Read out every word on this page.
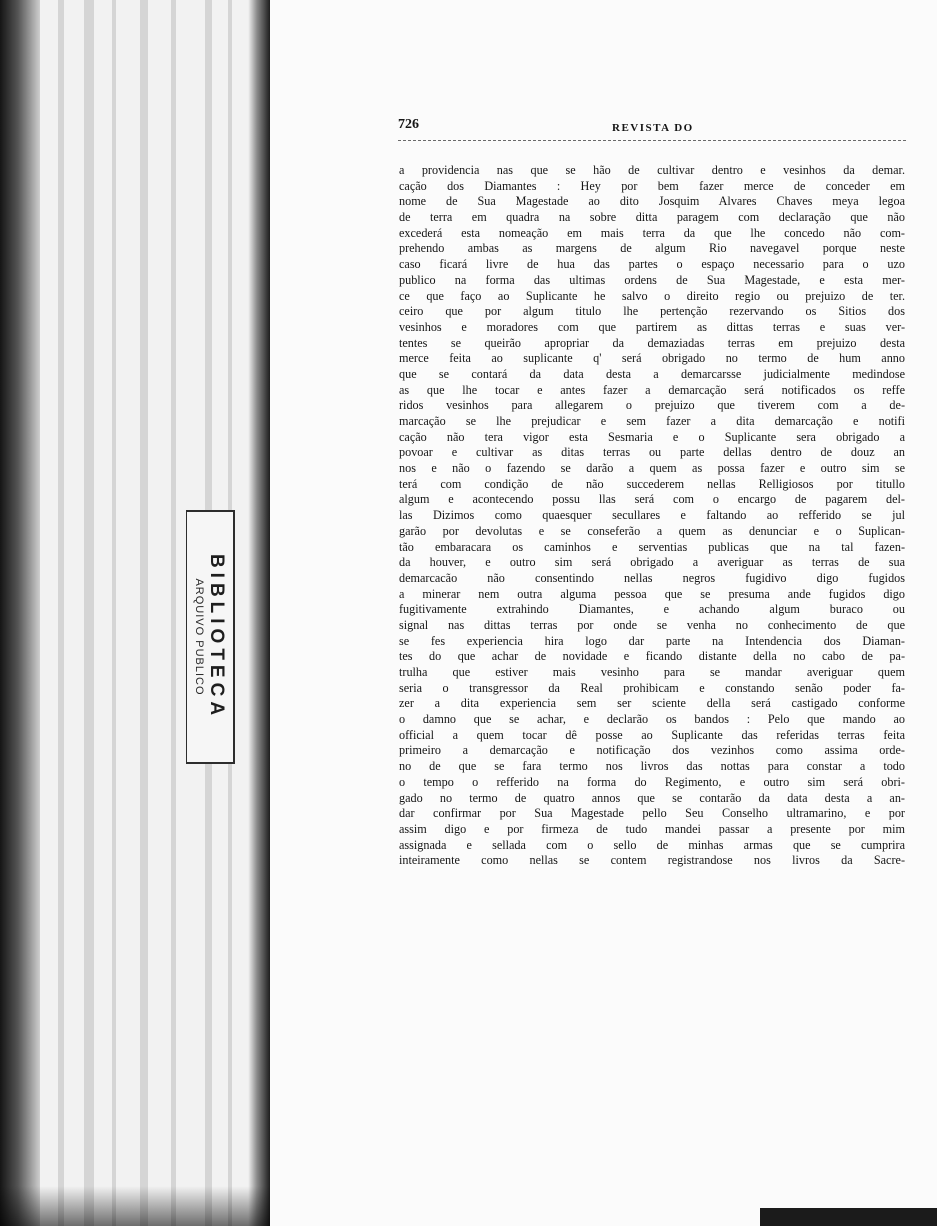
BIBLIOTECA
ARQUIVO PUBLICO
726	REVISTA DO
a providencia nas que se hão de cultivar dentro e vesinhos da demar.
cação dos Diamantes : Hey por bem fazer merce de conceder em
nome de Sua Magestade ao dito Josquim Alvares Chaves meya legoa
de terra em quadra na sobre ditta paragem com declaração que não
excederá esta nomeação em mais terra da que lhe concedo não com-
prehendo ambas as margens de algum Rio navegavel porque neste
caso ficará livre de hua das partes o espaço necessario para o uzo
publico na forma das ultimas ordens de Sua Magestade, e esta mer-
ce que faço ao Suplicante he salvo o direito regio ou prejuizo de ter.
ceiro que por algum titulo lhe pertenção rezervando os Sitios dos
vesinhos e moradores com que partirem as dittas terras e suas ver-
tentes se queirão apropriar da demaziadas terras em prejuizo desta
merce feita ao suplicante q' será obrigado no termo de hum anno
que se contará da data desta a demarcarsse judicialmente medindose
as que lhe tocar e antes fazer a demarcação será notificados os reffe
ridos vesinhos para allegarem o prejuizo que tiverem com a de-
marcação se lhe prejudicar e sem fazer a dita demarcação e notifi
cação não tera vigor esta Sesmaria e o Suplicante sera obrigado a
povoar e cultivar as ditas terras ou parte dellas dentro de douz an
nos e não o fazendo se darão a quem as possa fazer e outro sim se
terá com condição de não succederem nellas Relligiosos por titullo
algum e acontecendo possu llas será com o encargo de pagarem del-
las Dizimos como quaesquer secullares e faltando ao refferido se jul
garão por devolutas e se conseferão a quem as denunciar e o Suplican-
tão embaracara os caminhos e serventias publicas que na tal fazen-
da houver, e outro sim será obrigado a averiguar as terras de sua
demarcacão não consentindo nellas negros fugidivo digo fugidos
a minerar nem outra alguma pessoa que se presuma ande fugidos digo
fugitivamente extrahindo Diamantes, e achando algum buraco ou
signal nas dittas terras por onde se venha no conhecimento de que
se fes experiencia hira logo dar parte na Intendencia dos Diaman-
tes do que achar de novidade e ficando distante della no cabo de pa-
trulha que estiver mais vesinho para se mandar averiguar quem
seria o transgressor da Real prohibicam e constando senão poder fa-
zer a dita experiencia sem ser sciente della será castigado conforme
o damno que se achar, e declarão os bandos : Pelo que mando ao
official a quem tocar dê posse ao Suplicante das referidas terras feita
primeiro a demarcação e notificação dos vezinhos como assima orde-
no de que se fara termo nos livros das nottas para constar a todo
o tempo o refferido na forma do Regimento, e outro sim será obri-
gado no termo de quatro annos que se contarão da data desta a an-
dar confirmar por Sua Magestade pello Seu Conselho ultramarino, e por
assim digo e por firmeza de tudo mandei passar a presente por mim
assignada e sellada com o sello de minhas armas que se cumprira
inteiramente como nellas se contem registrandose nos livros da Sacre-
